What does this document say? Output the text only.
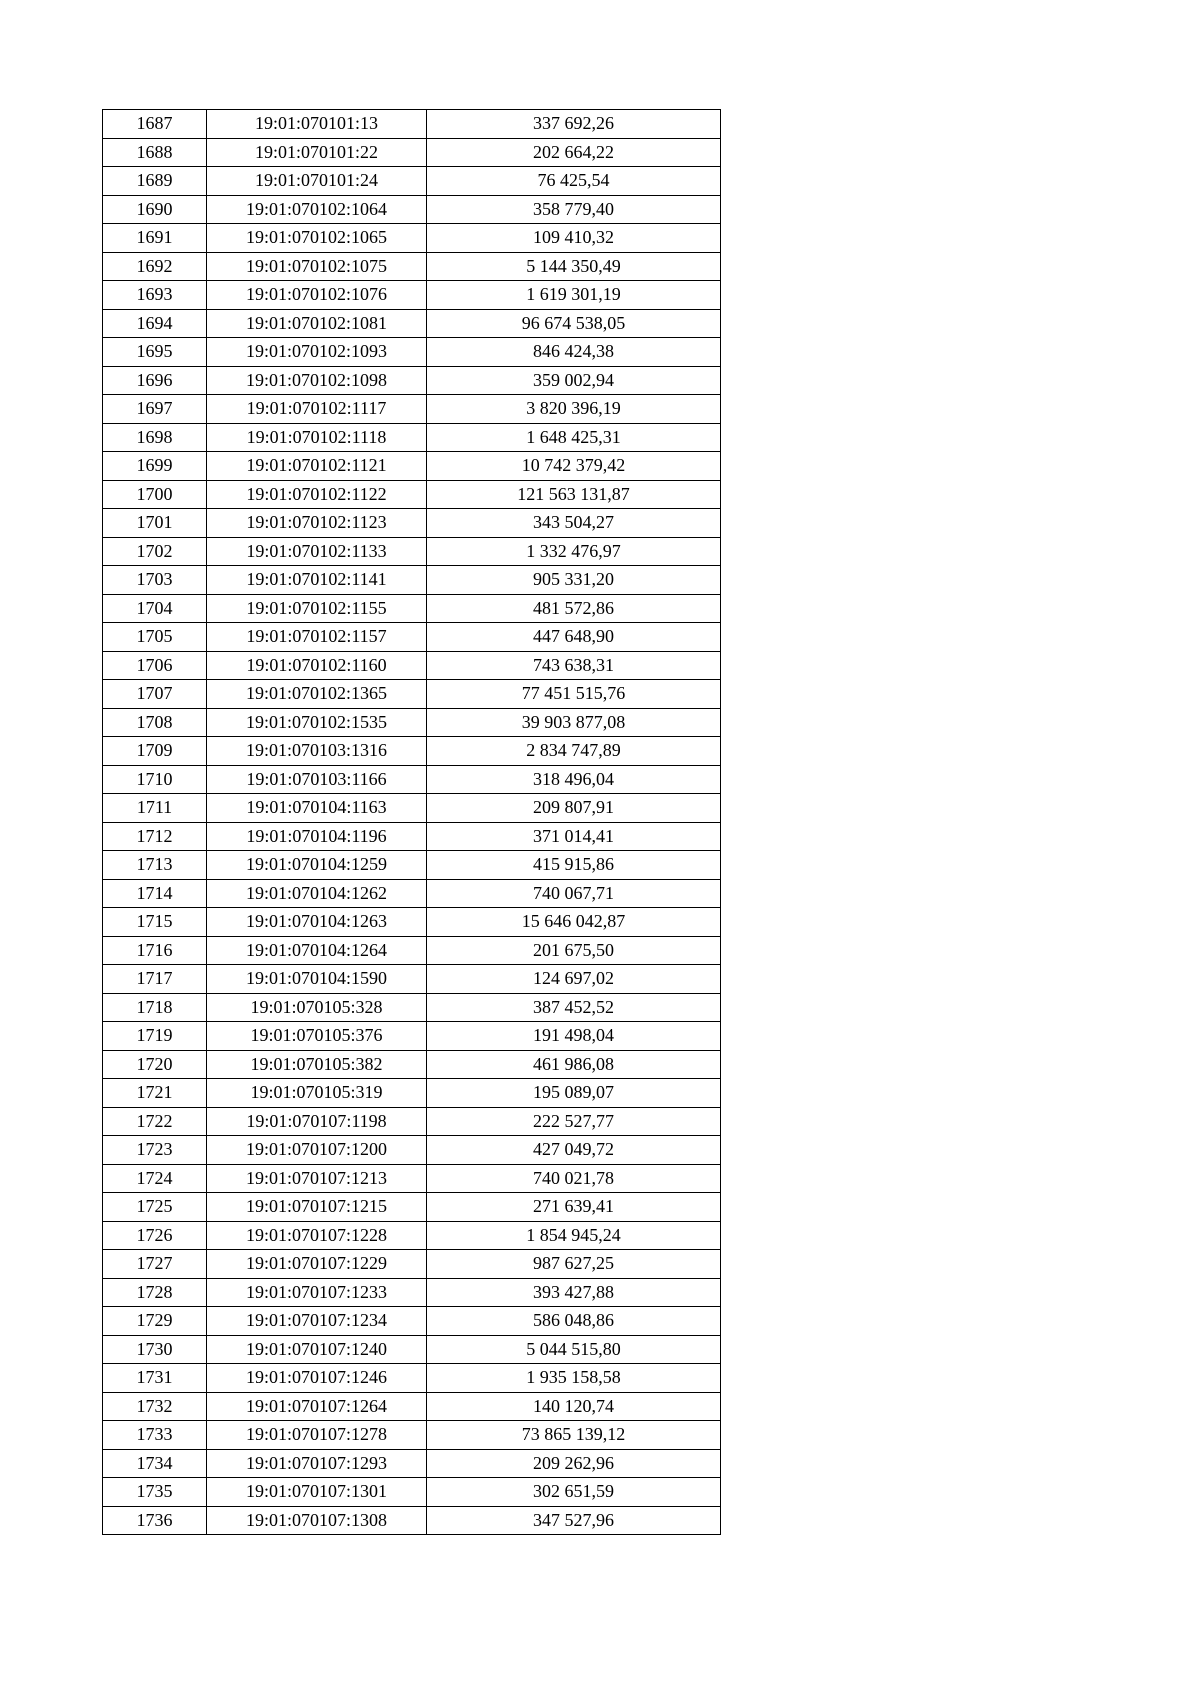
1687	19:01:070101:13	337 692,26
1688	19:01:070101:22	202 664,22
1689	19:01:070101:24	76 425,54
1690	19:01:070102:1064	358 779,40
1691	19:01:070102:1065	109 410,32
1692	19:01:070102:1075	5 144 350,49
1693	19:01:070102:1076	1 619 301,19
1694	19:01:070102:1081	96 674 538,05
1695	19:01:070102:1093	846 424,38
1696	19:01:070102:1098	359 002,94
1697	19:01:070102:1117	3 820 396,19
1698	19:01:070102:1118	1 648 425,31
1699	19:01:070102:1121	10 742 379,42
1700	19:01:070102:1122	121 563 131,87
1701	19:01:070102:1123	343 504,27
1702	19:01:070102:1133	1 332 476,97
1703	19:01:070102:1141	905 331,20
1704	19:01:070102:1155	481 572,86
1705	19:01:070102:1157	447 648,90
1706	19:01:070102:1160	743 638,31
1707	19:01:070102:1365	77 451 515,76
1708	19:01:070102:1535	39 903 877,08
1709	19:01:070103:1316	2 834 747,89
1710	19:01:070103:1166	318 496,04
1711	19:01:070104:1163	209 807,91
1712	19:01:070104:1196	371 014,41
1713	19:01:070104:1259	415 915,86
1714	19:01:070104:1262	740 067,71
1715	19:01:070104:1263	15 646 042,87
1716	19:01:070104:1264	201 675,50
1717	19:01:070104:1590	124 697,02
1718	19:01:070105:328	387 452,52
1719	19:01:070105:376	191 498,04
1720	19:01:070105:382	461 986,08
1721	19:01:070105:319	195 089,07
1722	19:01:070107:1198	222 527,77
1723	19:01:070107:1200	427 049,72
1724	19:01:070107:1213	740 021,78
1725	19:01:070107:1215	271 639,41
1726	19:01:070107:1228	1 854 945,24
1727	19:01:070107:1229	987 627,25
1728	19:01:070107:1233	393 427,88
1729	19:01:070107:1234	586 048,86
1730	19:01:070107:1240	5 044 515,80
1731	19:01:070107:1246	1 935 158,58
1732	19:01:070107:1264	140 120,74
1733	19:01:070107:1278	73 865 139,12
1734	19:01:070107:1293	209 262,96
1735	19:01:070107:1301	302 651,59
1736	19:01:070107:1308	347 527,96
